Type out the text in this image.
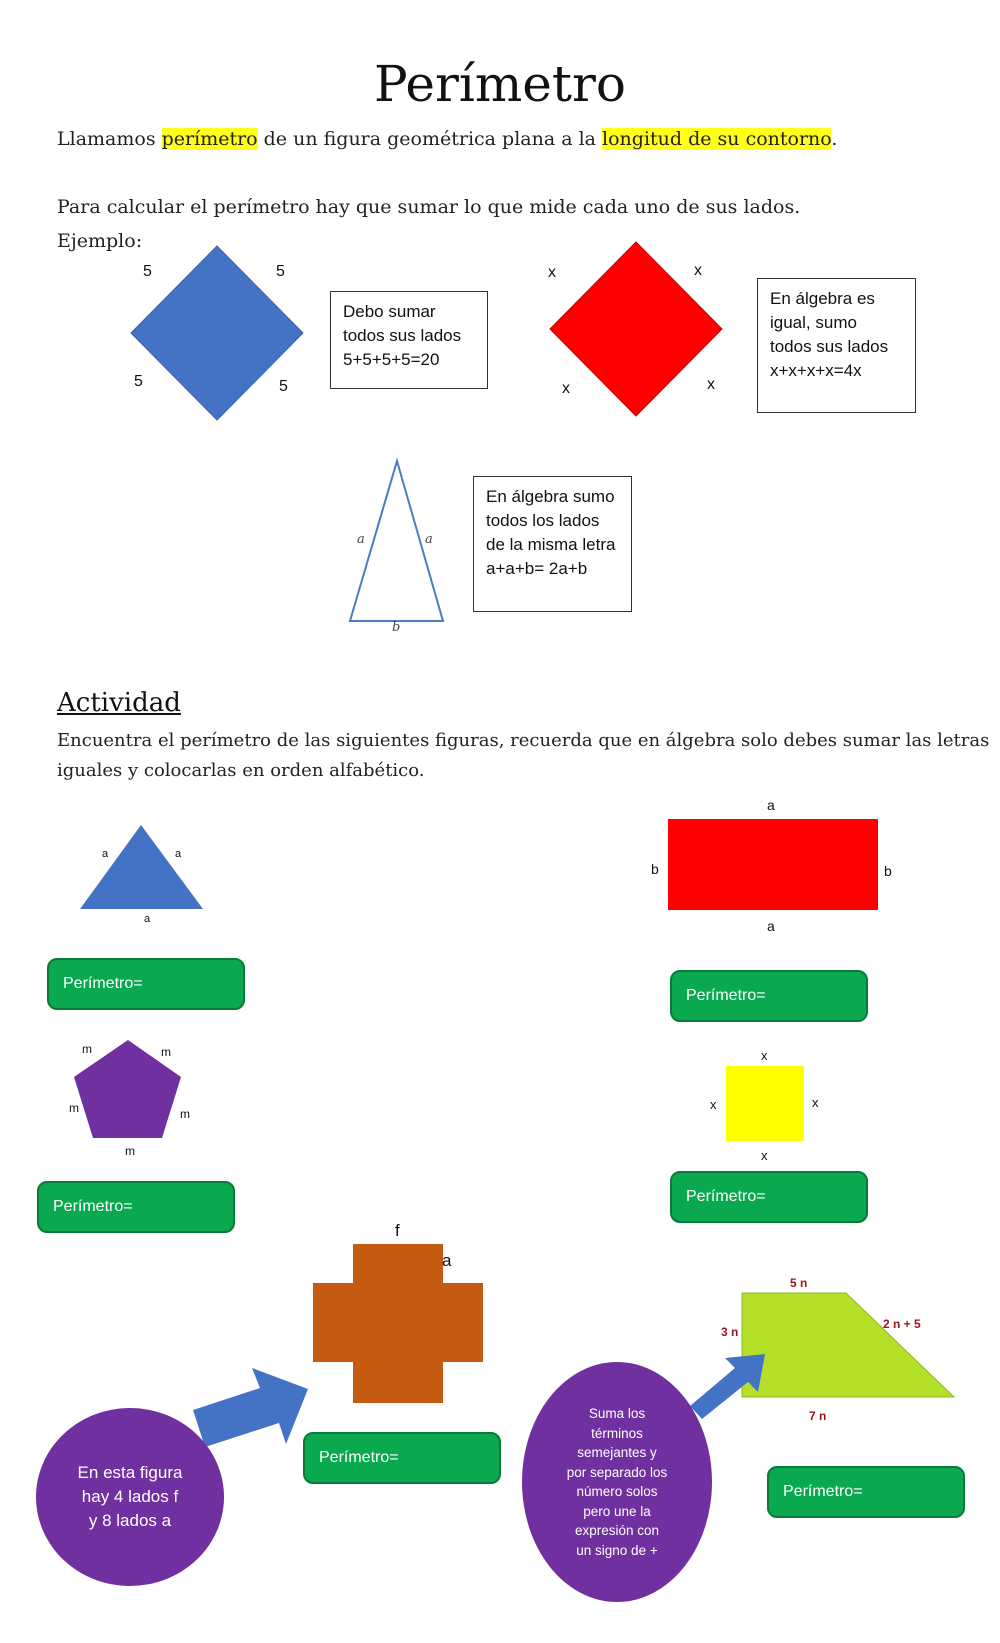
Perímetro
Llamamos perímetro de un figura geométrica plana a la longitud de su contorno.
Para calcular el perímetro hay que sumar lo que mide cada uno de sus lados.
Ejemplo:
5	5
5	5
Debo sumar
todos sus lados
5+5+5+5=20
x	x
x	x
En álgebra es
igual, sumo
todos sus lados
x+x+x+x=4x
a	a
b
En álgebra sumo
todos los lados
de la misma letra
a+a+b= 2a+b
Actividad
Encuentra el perímetro de las siguientes figuras, recuerda que en álgebra solo debes sumar las letras
iguales y colocarlas en orden alfabético.
a	a
a
Perímetro=
a
a
b	b
Perímetro=
m	m
m	m
m
Perímetro=
x
x
x	x
Perímetro=
f
a
Perímetro=
En esta figura
hay 4 lados f
y 8 lados a
5 n
3 n
2 n + 5
7 n
Suma los
términos
semejantes y
por separado los
número solos
pero une la
expresión con
un signo de +
Perímetro=
